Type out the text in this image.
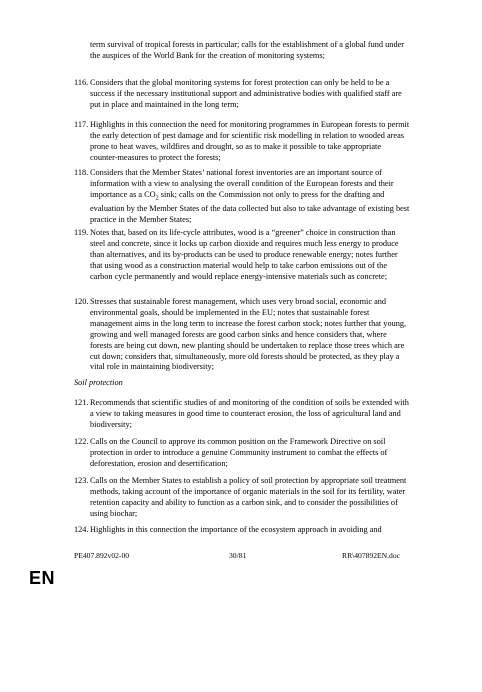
term survival of tropical forests in particular; calls for the establishment of a global fund under the auspices of the World Bank for the creation of monitoring systems;
116. Considers that the global monitoring systems for forest protection can only be held to be a success if the necessary institutional support and administrative bodies with qualified staff are put in place and maintained in the long term;
117. Highlights in this connection the need for monitoring programmes in European forests to permit the early detection of pest damage and for scientific risk modelling in relation to wooded areas prone to heat waves, wildfires and drought, so as to make it possible to take appropriate counter-measures to protect the forests;
118. Considers that the Member States’ national forest inventories are an important source of information with a view to analysing the overall condition of the European forests and their importance as a $CO_2$ sink; calls on the Commission not only to press for the drafting and evaluation by the Member States of the data collected but also to take advantage of existing best practice in the Member States;
119. Notes that, based on its life-cycle attributes, wood is a “greener” choice in construction than steel and concrete, since it locks up carbon dioxide and requires much less energy to produce than alternatives, and its by-products can be used to produce renewable energy; notes further that using wood as a construction material would help to take carbon emissions out of the carbon cycle permanently and would replace energy-intensive materials such as concrete;
120. Stresses that sustainable forest management, which uses very broad social, economic and environmental goals, should be implemented in the EU; notes that sustainable forest management aims in the long term to increase the forest carbon stock; notes further that young, growing and well managed forests are good carbon sinks and hence considers that, where forests are being cut down, new planting should be undertaken to replace those trees which are cut down; considers that, simultaneously, more old forests should be protected, as they play a vital role in maintaining biodiversity;
Soil protection
121. Recommends that scientific studies of and monitoring of the condition of soils be extended with a view to taking measures in good time to counteract erosion, the loss of agricultural land and biodiversity;
122. Calls on the Council to approve its common position on the Framework Directive on soil protection in order to introduce a genuine Community instrument to combat the effects of deforestation, erosion and desertification;
123. Calls on the Member States to establish a policy of soil protection by appropriate soil treatment methods, taking account of the importance of organic materials in the soil for its fertility, water retention capacity and ability to function as a carbon sink, and to consider the possibilities of using biochar;
124. Highlights in this connection the importance of the ecosystem approach in avoiding and
PE407.892v02-00	30/81	RR\407892EN.doc
EN
